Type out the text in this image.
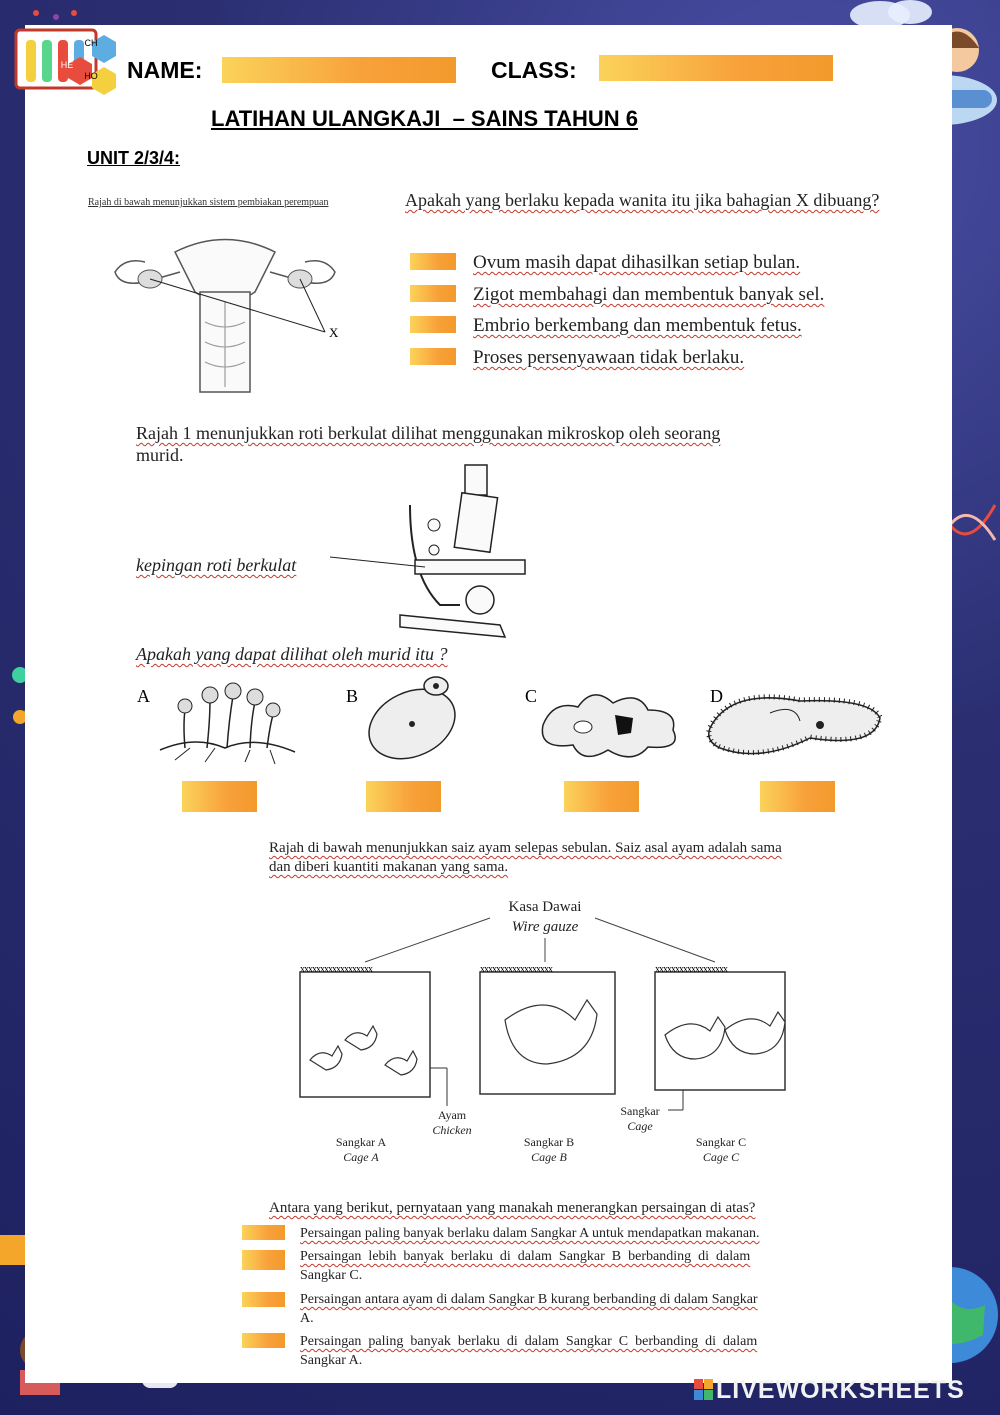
CH
HE
HO NAME:	CLASS:
LATIHAN ULANGKAJI  – SAINS TAHUN 6
UNIT 2/3/4:
Rajah di bawah menunjukkan sistem pembiakan perempuan	Apakah yang berlaku kepada wanita itu jika bahagian X dibuang?
X
Ovum masih dapat dihasilkan setiap bulan.
Zigot membahagi dan membentuk banyak sel.
Embrio berkembang dan membentuk fetus.
Proses persenyawaan tidak berlaku.
Rajah 1 menunjukkan roti berkulat dilihat menggunakan mikroskop oleh seorang
murid.
kepingan roti berkulat
Apakah yang dapat dilihat oleh murid itu ?
A	B	C	D
Rajah di bawah menunjukkan saiz ayam selepas sebulan. Saiz asal ayam adalah sama
dan diberi kuantiti makanan yang sama.
Kasa Dawai
Wire gauze
xxxxxxxxxxxxxxxxxx	xxxxxxxxxxxxxxxxxx	xxxxxxxxxxxxxxxxxx
Ayam
Chicken
Sangkar
Cage
Sangkar A
Cage A
Sangkar B
Cage B
Sangkar C
Cage C
Antara yang berikut, pernyataan yang manakah menerangkan persaingan di atas?
Persaingan paling banyak berlaku dalam Sangkar A untuk mendapatkan makanan.
Persaingan  lebih  banyak  berlaku  di  dalam  Sangkar  B  berbanding  di  dalam
Sangkar C.
Persaingan antara ayam di dalam Sangkar B kurang berbanding di dalam Sangkar
A.
Persaingan  paling  banyak  berlaku  di  dalam  Sangkar  C  berbanding  di  dalam
Sangkar A.
LIVEWORKSHEETS
